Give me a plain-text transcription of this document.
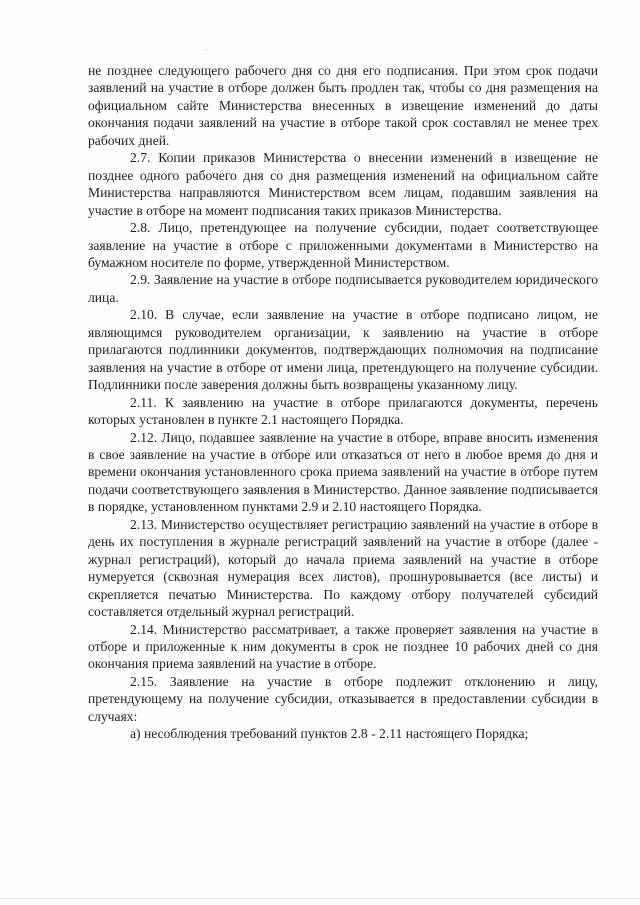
не позднее следующего рабочего дня со дня его подписания. При этом срок подачи заявлений на участие в отборе должен быть продлен так, чтобы со дня размещения на официальном сайте Министерства внесенных в извещение изменений до даты окончания подачи заявлений на участие в отборе такой срок составлял не менее трех рабочих дней.

2.7. Копии приказов Министерства о внесении изменений в извещение не позднее одного рабочего дня со дня размещения изменений на официальном сайте Министерства направляются Министерством всем лицам, подавшим заявления на участие в отборе на момент подписания таких приказов Министерства.

2.8. Лицо, претендующее на получение субсидии, подает соответствующее заявление на участие в отборе с приложенными документами в Министерство на бумажном носителе по форме, утвержденной Министерством.

2.9. Заявление на участие в отборе подписывается руководителем юридического лица.

2.10. В случае, если заявление на участие в отборе подписано лицом, не являющимся руководителем организации, к заявлению на участие в отборе прилагаются подлинники документов, подтверждающих полномочия на подписание заявления на участие в отборе от имени лица, претендующего на получение субсидии. Подлинники после заверения должны быть возвращены указанному лицу.

2.11. К заявлению на участие в отборе прилагаются документы, перечень которых установлен в пункте 2.1 настоящего Порядка.

2.12. Лицо, подавшее заявление на участие в отборе, вправе вносить изменения в свое заявление на участие в отборе или отказаться от него в любое время до дня и времени окончания установленного срока приема заявлений на участие в отборе путем подачи соответствующего заявления в Министерство. Данное заявление подписывается в порядке, установленном пунктами 2.9 и 2.10 настоящего Порядка.

2.13. Министерство осуществляет регистрацию заявлений на участие в отборе в день их поступления в журнале регистраций заявлений на участие в отборе (далее - журнал регистраций), который до начала приема заявлений на участие в отборе нумеруется (сквозная нумерация всех листов), прошнуровывается (все листы) и скрепляется печатью Министерства. По каждому отбору получателей субсидий составляется отдельный журнал регистраций.

2.14. Министерство рассматривает, а также проверяет заявления на участие в отборе и приложенные к ним документы в срок не позднее 10 рабочих дней со дня окончания приема заявлений на участие в отборе.

2.15. Заявление на участие в отборе подлежит отклонению и лицу, претендующему на получение субсидии, отказывается в предоставлении субсидии в случаях:

а) несоблюдения требований пунктов 2.8 - 2.11 настоящего Порядка;
